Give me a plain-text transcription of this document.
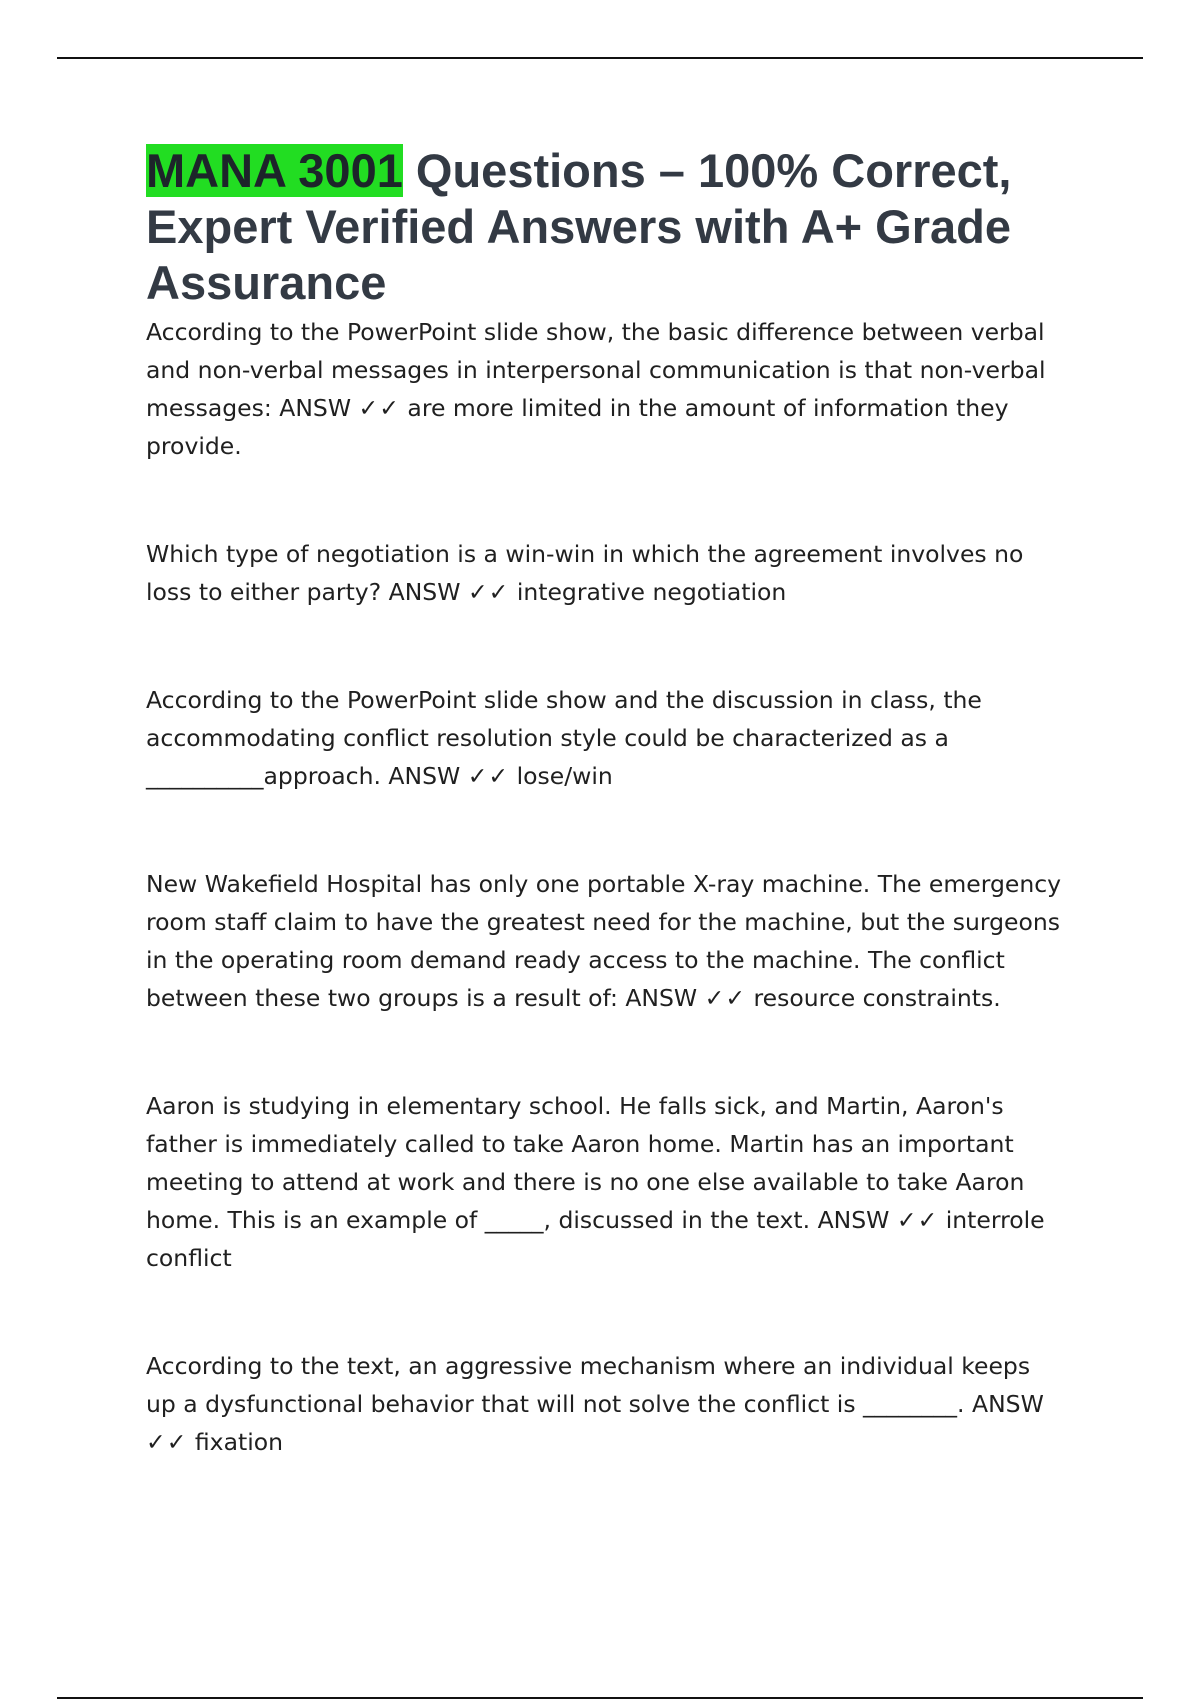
MANA 3001 Questions – 100% Correct, Expert Verified Answers with A+ Grade Assurance

According to the PowerPoint slide show, the basic difference between verbal and non-verbal messages in interpersonal communication is that non-verbal messages: ANSW ✓✓ are more limited in the amount of information they provide.

Which type of negotiation is a win-win in which the agreement involves no loss to either party? ANSW ✓✓ integrative negotiation

According to the PowerPoint slide show and the discussion in class, the accommodating conflict resolution style could be characterized as a __________approach. ANSW ✓✓ lose/win

New Wakefield Hospital has only one portable X-ray machine. The emergency room staff claim to have the greatest need for the machine, but the surgeons in the operating room demand ready access to the machine. The conflict between these two groups is a result of: ANSW ✓✓ resource constraints.

Aaron is studying in elementary school. He falls sick, and Martin, Aaron's father is immediately called to take Aaron home. Martin has an important meeting to attend at work and there is no one else available to take Aaron home. This is an example of _____, discussed in the text. ANSW ✓✓ interrole conflict

According to the text, an aggressive mechanism where an individual keeps up a dysfunctional behavior that will not solve the conflict is ________. ANSW ✓✓ fixation
